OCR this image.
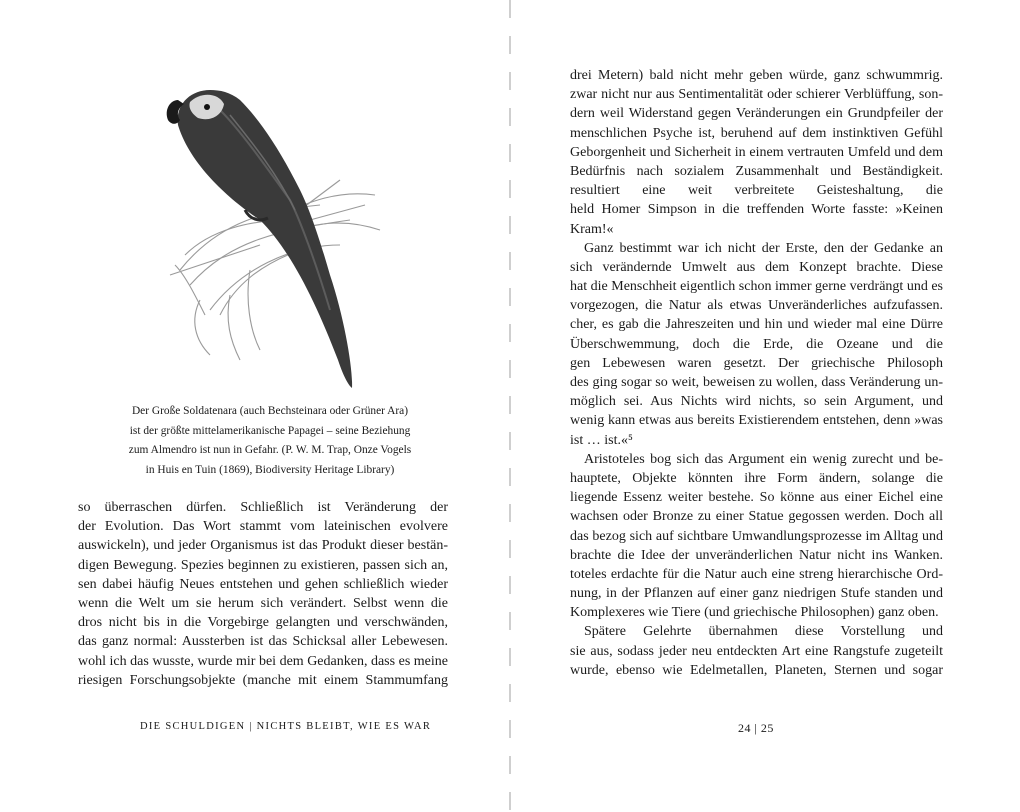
Der Große Soldatenara (auch Bechsteinara oder Grüner Ara)
ist der größte mittelamerikanische Papagei – seine Beziehung
zum Almendro ist nun in Gefahr. (P. W. M. Trap, Onze Vogels
in Huis en Tuin (1869), Biodiversity Heritage Library)
so überraschen dürfen. Schließlich ist Veränderung der
der Evolution. Das Wort stammt vom lateinischen evolvere
auswickeln), und jeder Organismus ist das Produkt dieser bestän-
digen Bewegung. Spezies beginnen zu existieren, passen sich an,
sen dabei häufig Neues entstehen und gehen schließlich wieder
wenn die Welt um sie herum sich verändert. Selbst wenn die
dros nicht bis in die Vorgebirge gelangten und verschwänden,
das ganz normal: Aussterben ist das Schicksal aller Lebewesen.
wohl ich das wusste, wurde mir bei dem Gedanken, dass es meine
riesigen Forschungsobjekte (manche mit einem Stammumfang
DIE SCHULDIGEN | NICHTS BLEIBT, WIE ES WAR
drei Metern) bald nicht mehr geben würde, ganz schwummrig.
zwar nicht nur aus Sentimentalität oder schierer Verblüffung, son-
dern weil Widerstand gegen Veränderungen ein Grundpfeiler der
menschlichen Psyche ist, beruhend auf dem instinktiven Gefühl
Geborgenheit und Sicherheit in einem vertrauten Umfeld und dem
Bedürfnis nach sozialem Zusammenhalt und Beständigkeit.
resultiert eine weit verbreitete Geisteshaltung, die
held Homer Simpson in die treffenden Worte fasste: »Keinen
Kram!«
Ganz bestimmt war ich nicht der Erste, den der Gedanke an
sich verändernde Umwelt aus dem Konzept brachte. Diese
hat die Menschheit eigentlich schon immer gerne verdrängt und es
vorgezogen, die Natur als etwas Unveränderliches aufzufassen.
cher, es gab die Jahreszeiten und hin und wieder mal eine Dürre
Überschwemmung, doch die Erde, die Ozeane und die
gen Lebewesen waren gesetzt. Der griechische Philosoph
des ging sogar so weit, beweisen zu wollen, dass Veränderung un-
möglich sei. Aus Nichts wird nichts, so sein Argument, und
wenig kann etwas aus bereits Existierendem entstehen, denn »was
ist … ist.«⁵
Aristoteles bog sich das Argument ein wenig zurecht und be-
hauptete, Objekte könnten ihre Form ändern, solange die
liegende Essenz weiter bestehe. So könne aus einer Eichel eine
wachsen oder Bronze zu einer Statue gegossen werden. Doch all
das bezog sich auf sichtbare Umwandlungsprozesse im Alltag und
brachte die Idee der unveränderlichen Natur nicht ins Wanken.
toteles erdachte für die Natur auch eine streng hierarchische Ord-
nung, in der Pflanzen auf einer ganz niedrigen Stufe standen und
Komplexeres wie Tiere (und griechische Philosophen) ganz oben.
Spätere Gelehrte übernahmen diese Vorstellung und
sie aus, sodass jeder neu entdeckten Art eine Rangstufe zugeteilt
wurde, ebenso wie Edelmetallen, Planeten, Sternen und sogar
24 | 25
